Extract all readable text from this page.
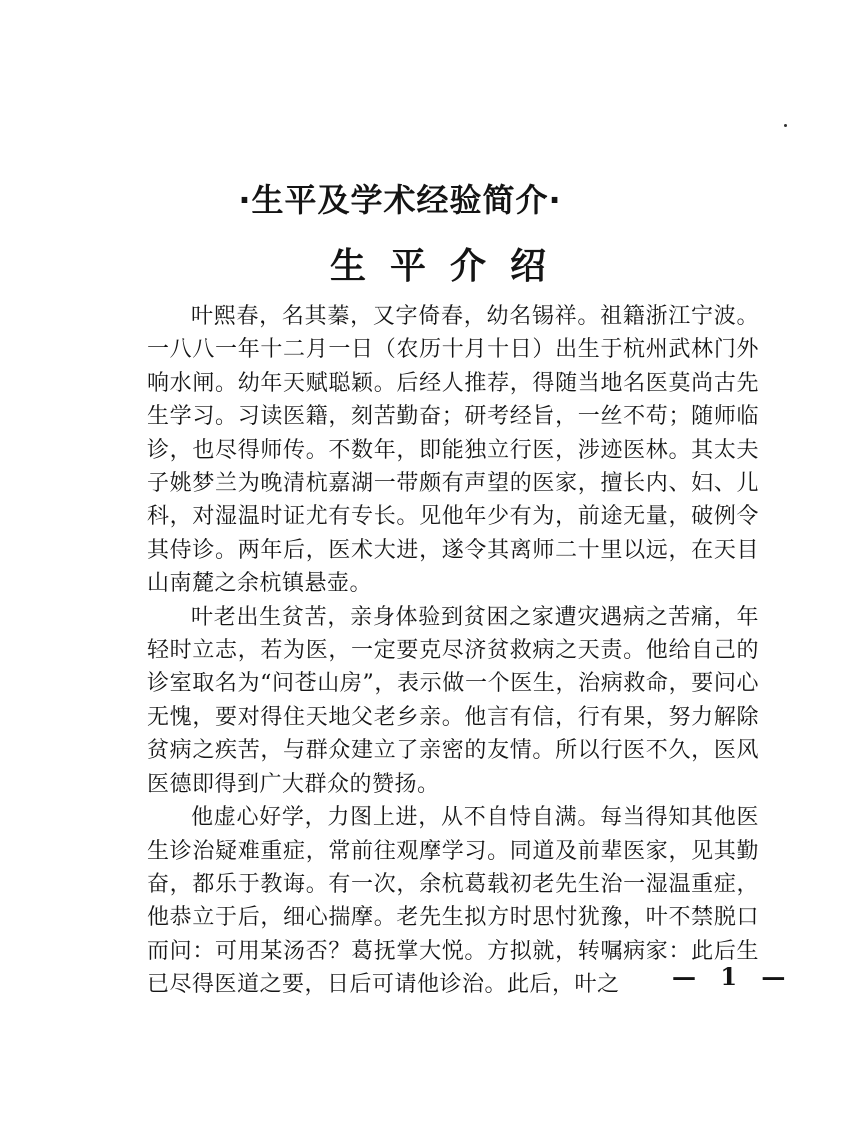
·生平及学术经验简介·
生平介绍

叶熙春，名其蓁，又字倚春，幼名锡祥。祖籍浙江宁波。一八八一年十二月一日（农历十月十日）出生于杭州武林门外响水闸。幼年天赋聪颖。后经人推荐，得随当地名医莫尚古先生学习。习读医籍，刻苦勤奋；研考经旨，一丝不苟；随师临诊，也尽得师传。不数年，即能独立行医，涉迹医林。其太夫子姚梦兰为晚清杭嘉湖一带颇有声望的医家，擅长内、妇、儿科，对湿温时证尤有专长。见他年少有为，前途无量，破例令其侍诊。两年后，医术大进，遂令其离师二十里以远，在天目山南麓之余杭镇悬壶。

叶老出生贫苦，亲身体验到贫困之家遭灾遇病之苦痛，年轻时立志，若为医，一定要克尽济贫救病之天责。他给自己的诊室取名为“问苍山房”，表示做一个医生，治病救命，要问心无愧，要对得住天地父老乡亲。他言有信，行有果，努力解除贫病之疾苦，与群众建立了亲密的友情。所以行医不久，医风医德即得到广大群众的赞扬。

他虚心好学，力图上进，从不自恃自满。每当得知其他医生诊治疑难重症，常前往观摩学习。同道及前辈医家，见其勤奋，都乐于教诲。有一次，余杭葛载初老先生治一湿温重症，他恭立于后，细心揣摩。老先生拟方时思忖犹豫，叶不禁脱口而问：可用某汤否？葛抚掌大悦。方拟就，转嘱病家：此后生已尽得医道之要，日后可请他诊治。此后，叶之	— 1 —
